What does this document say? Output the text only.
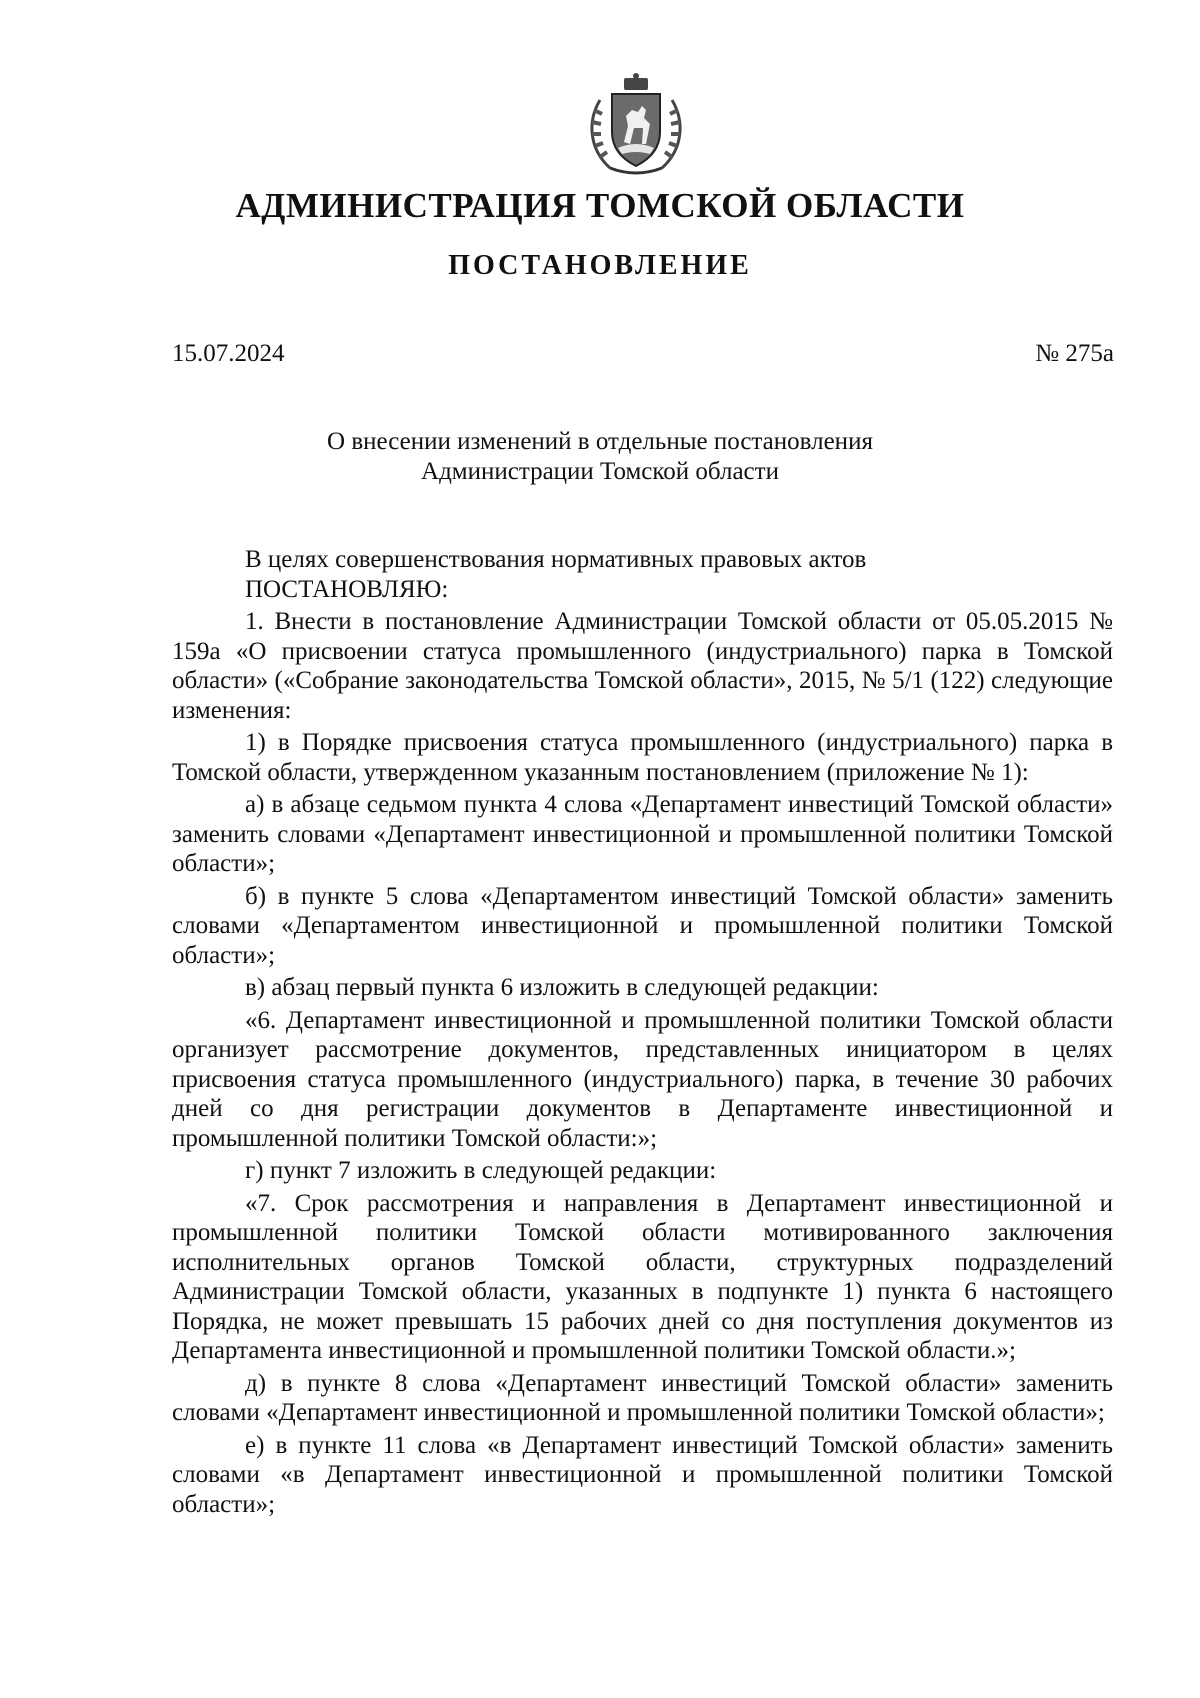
АДМИНИСТРАЦИЯ ТОМСКОЙ ОБЛАСТИ
ПОСТАНОВЛЕНИЕ
15.07.2024	№ 275а
О внесении изменений в отдельные постановления
Администрации Томской области

В целях совершенствования нормативных правовых актов

ПОСТАНОВЛЯЮ:

1. Внести в постановление Администрации Томской области от 05.05.2015 № 159а «О присвоении статуса промышленного (индустриального) парка в Томской области» («Собрание законодательства Томской области», 2015, № 5/1 (122) следующие изменения:

1) в Порядке присвоения статуса промышленного (индустриального) парка в Томской области, утвержденном указанным постановлением (приложение № 1):

а) в абзаце седьмом пункта 4 слова «Департамент инвестиций Томской области» заменить словами «Департамент инвестиционной и промышленной политики Томской области»;

б) в пункте 5 слова «Департаментом инвестиций Томской области» заменить словами «Департаментом инвестиционной и промышленной политики Томской области»;

в) абзац первый пункта 6 изложить в следующей редакции:

«6. Департамент инвестиционной и промышленной политики Томской области организует рассмотрение документов, представленных инициатором в целях присвоения статуса промышленного (индустриального) парка, в течение 30 рабочих дней со дня регистрации документов в Департаменте инвестиционной и промышленной политики Томской области:»;

г) пункт 7 изложить в следующей редакции:

«7. Срок рассмотрения и направления в Департамент инвестиционной и промышленной политики Томской области мотивированного заключения исполнительных органов Томской области, структурных подразделений Администрации Томской области, указанных в подпункте 1) пункта 6 настоящего Порядка, не может превышать 15 рабочих дней со дня поступления документов из Департамента инвестиционной и промышленной политики Томской области.»;

д) в пункте 8 слова «Департамент инвестиций Томской области» заменить словами «Департамент инвестиционной и промышленной политики Томской области»;

е) в пункте 11 слова «в Департамент инвестиций Томской области» заменить словами «в Департамент инвестиционной и промышленной политики Томской области»;
